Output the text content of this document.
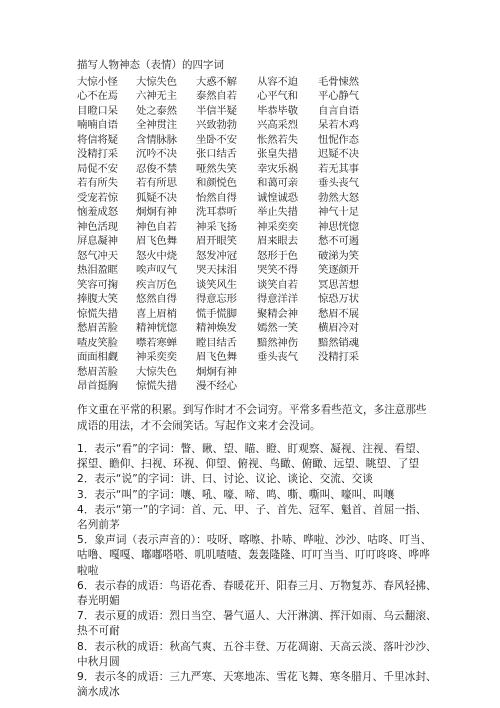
描写人物神态（表情）的四字词
大惊小怪	大惊失色	大惑不解	从容不迫	毛骨悚然
心不在焉	六神无主	泰然自若	心平气和	平心静气
目瞪口呆	处之泰然	半信半疑	毕恭毕敬	自言自语
喃喃自语	全神贯注	兴致勃勃	兴高采烈	呆若木鸡
将信将疑	含情脉脉	坐卧不安	怅然若失	忸怩作态
没精打采	沉吟不决	张口结舌	张皇失措	迟疑不决
局促不安	忍俊不禁	哑然失笑	幸灾乐祸	若无其事
若有所失	若有所思	和颜悦色	和蔼可亲	垂头丧气
受宠若惊	狐疑不决	怡然自得	诚惶诚恐	勃然大怒
恼羞成怒	炯炯有神	洗耳恭听	举止失措	神气十足
神色活现	神色自若	神采飞扬	神采奕奕	神思恍惚
屏息凝神	眉飞色舞	眉开眼笑	眉来眼去	愁不可遏
怒气冲天	怒火中烧	怒发冲冠	怒形于色	破涕为笑
热泪盈眶	唉声叹气	哭天抹泪	哭笑不得	笑逐颜开
笑容可掬	疾言厉色	谈笑风生	谈笑自若	冥思苦想
捧腹大笑	悠然自得	得意忘形	得意洋洋	惊恐万状
惊慌失措	喜上眉梢	慌手慌脚	聚精会神	愁眉不展
愁眉苦脸	精神恍惚	精神焕发	嫣然一笑	横眉冷对
喳皮笑脸	噤若寒蝉	瞠目结舌	黯然神伤	黯然销魂
面面相觑	神采奕奕	眉飞色舞	垂头丧气	没精打采
愁眉苦脸	大惊失色	炯炯有神
昂首挺胸	惊慌失措	漫不经心
作文重在平常的积累。到写作时才不会词穷。平常多看些范文，多注意那些成语的用法，才不会闹笑话。写起作文来才会没词。

1．表示“看”的字词：瞥、瞅、望、瞄、瞪、盯观察、凝视、注视、看望、探望、瞻仰、扫视、环视、仰望、俯视、鸟瞰、俯瞰、远望、眺望、了望

2．表示“说”的字词：讲、曰、讨论、议论、谈论、交流、交谈

3．表示“叫”的字词：嚷、吼、嚎、啼、鸣、嘶、嘶叫、嚎叫、叫嚷

4．表示“第一”的字词：首、元、甲、子、首先、冠军、魁首、首屈一指、名列前茅

5．象声词（表示声音的）：吱呀、喀嚓、扑哧、哗啦、沙沙、咕咚、叮当、咕噜、嘎嘎、嘟嘟嗒嗒、叽叽喳喳、轰轰隆隆、叮叮当当、叮叮咚咚、哗哗啦啦

6．表示春的成语：鸟语花香、春暖花开、阳春三月、万物复苏、春风轻拂、春光明媚

7．表示夏的成语：烈日当空、暑气逼人、大汗淋漓、挥汗如雨、乌云翻滚、热不可耐

8．表示秋的成语：秋高气爽、五谷丰登、万花凋谢、天高云淡、落叶沙沙、中秋月圆

9．表示冬的成语：三九严寒、天寒地冻、雪花飞舞、寒冬腊月、千里冰封、滴水成冰
